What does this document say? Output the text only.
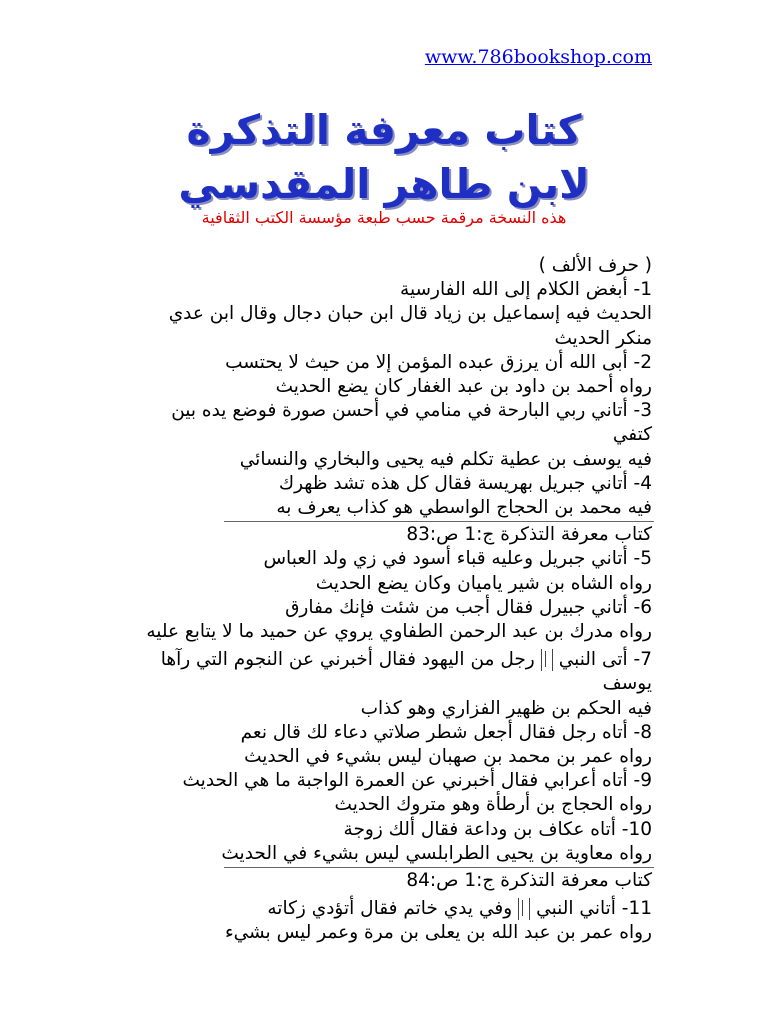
www.786bookshop.com
كتاب معرفة التذكرة
لابن طاهر المقدسي
هذه النسخة مرقمة حسب طبعة مؤسسة الكتب الثقافية
( حرف الألف )
1- أبغض الكلام إلى الله الفارسية
الحديث فيه إسماعيل بن زياد قال ابن حبان دجال وقال ابن عدي منكر الحديث
2- أبى الله أن يرزق عبده المؤمن إلا من حيث لا يحتسب
رواه أحمد بن داود بن عبد الغفار كان يضع الحديث
3- أتاني ربي البارحة في منامي في أحسن صورة فوضع يده بين كتفي
فيه يوسف بن عطية تكلم فيه يحيى والبخاري والنسائي
4- أتاني جبريل بهريسة فقال كل هذه تشد ظهرك
فيه محمد بن الحجاج الواسطي هو كذاب يعرف به
كتاب معرفة التذكرة ج:1 ص:83
5- أتاني جبريل وعليه قباء أسود في زي ولد العباس
رواه الشاه بن شير ياميان وكان يضع الحديث
6- أتاني جبيرل فقال أجب من شئت فإنك مفارق
رواه مدرك بن عبد الرحمن الطفاوي يروي عن حميد ما لا يتابع عليه
7- أتى النبيرجل من اليهود فقال أخبرني عن النجوم التي رآها يوسف
فيه الحكم بن ظهير الفزاري وهو كذاب
8- أتاه رجل فقال أجعل شطر صلاتي دعاء لك قال نعم
رواه عمر بن محمد بن صهبان ليس بشيء في الحديث
9- أتاه أعرابي فقال أخبرني عن العمرة الواجبة ما هي الحديث
رواه الحجاج بن أرطأة وهو متروك الحديث
10- أتاه عكاف بن وداعة فقال ألك زوجة
رواه معاوية بن يحيى الطرابلسي ليس بشيء في الحديث
كتاب معرفة التذكرة ج:1 ص:84
11- أتاني النبيوفي يدي خاتم فقال أتؤدي زكاته
رواه عمر بن عبد الله بن يعلى بن مرة وعمر ليس بشيء
